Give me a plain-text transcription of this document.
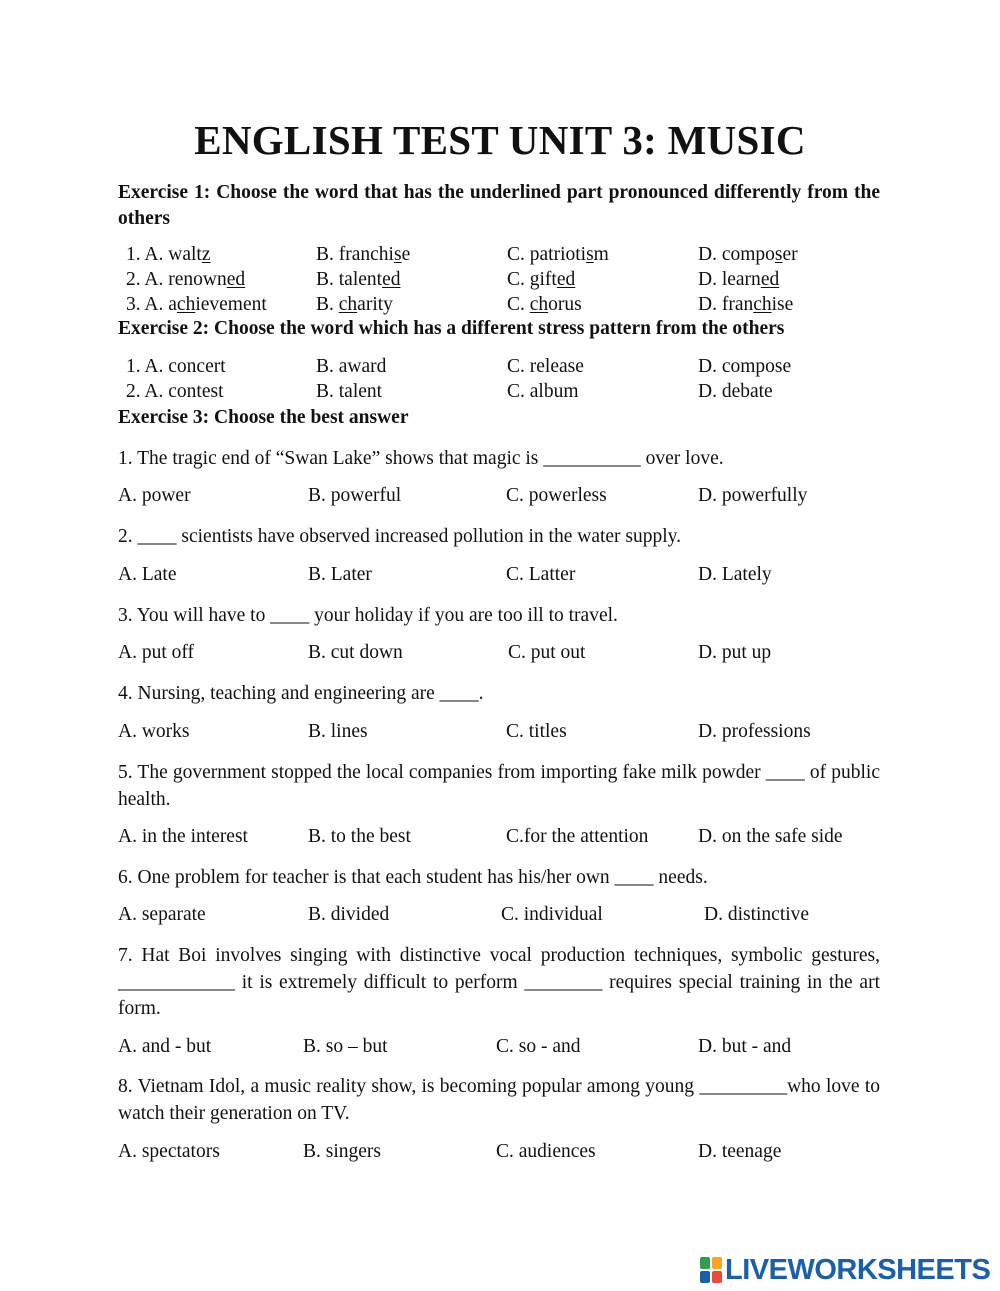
ENGLISH TEST UNIT 3: MUSIC
Exercise 1: Choose the word that has the underlined part pronounced differently from the others
1. A. waltz	B. franchise	C. patriotism	D. composer
2. A. renowned	B. talented	C. gifted	D. learned
3. A. achievement	B. charity	C. chorus	D. franchise
Exercise 2: Choose the word which has a different stress pattern from the others
1. A. concert	B. award	C. release	D. compose
2. A. contest	B. talent	C. album	D. debate
Exercise 3: Choose the best answer
1. The tragic end of “Swan Lake” shows that magic is __________ over love.
A. power	B. powerful	C. powerless	D. powerfully
2. ____ scientists have observed increased pollution in the water supply.
A. Late	B. Later	C. Latter	D. Lately
3. You will have to ____ your holiday if you are too ill to travel.
A. put off	B. cut down	C. put out	D. put up
4. Nursing, teaching and engineering are ____.
A. works	B. lines	C. titles	D. professions
5. The government stopped the local companies from importing fake milk powder ____ of public health.
A. in the interest	B. to the best	C.for the attention	D. on the safe side
6. One problem for teacher is that each student has his/her own ____ needs.
A. separate	B. divided	C. individual	D. distinctive
7. Hat Boi involves singing with distinctive vocal production techniques, symbolic gestures, ____________ it is extremely difficult to perform ________ requires special training in the art form.
A. and - but	B. so – but	C. so - and	D. but - and
8. Vietnam Idol, a music reality show, is becoming popular among young _________who love to watch their generation on TV.
A. spectators	B. singers	C. audiences	D. teenage
LIVEWORKSHEETS
